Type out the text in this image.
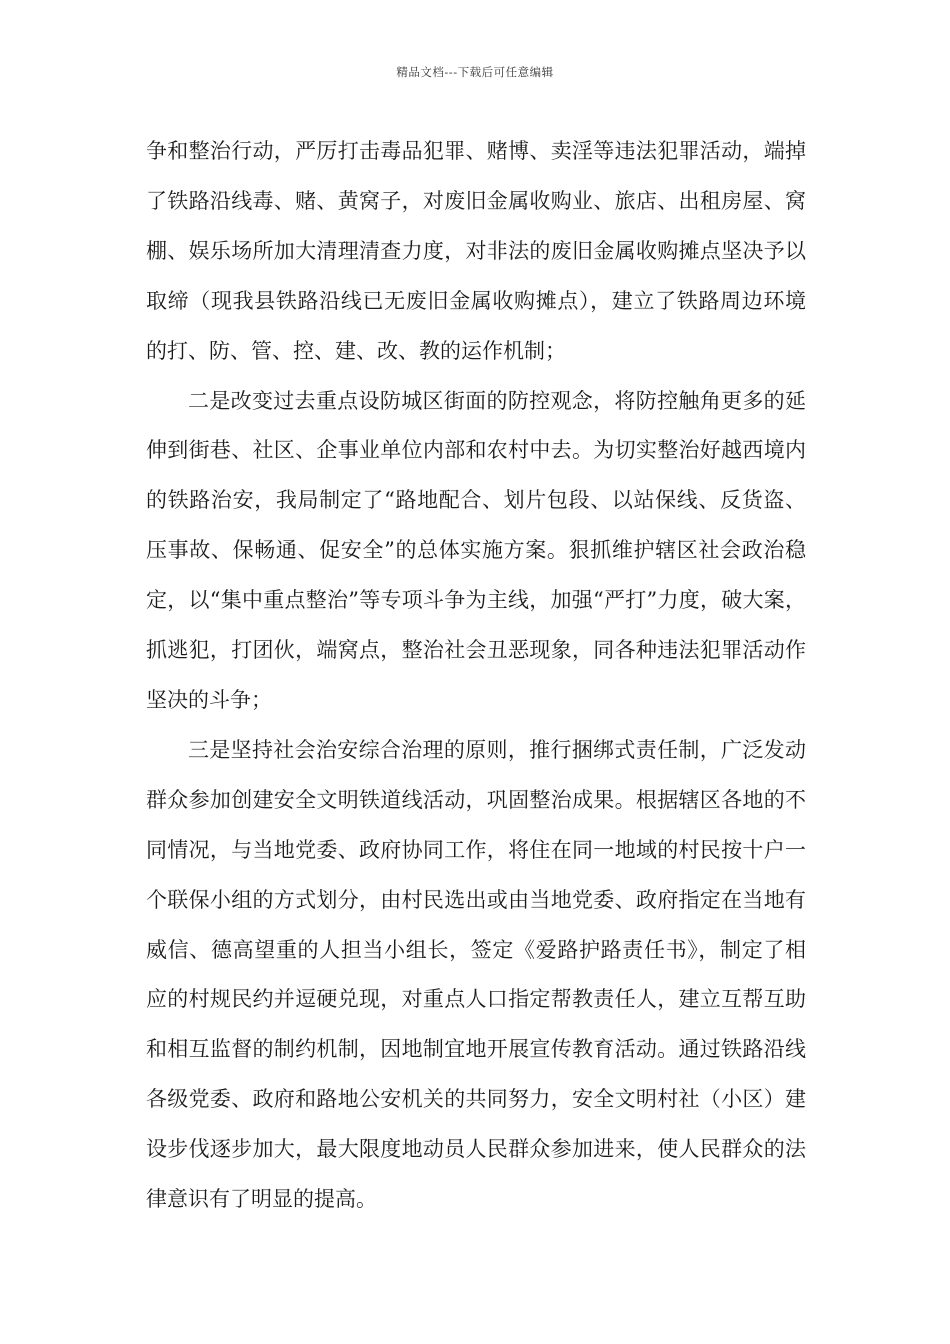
精品文档---下载后可任意编辑

争和整治行动，严厉打击毒品犯罪、赌博、卖淫等违法犯罪活动，端掉了铁路沿线毒、赌、黄窝子，对废旧金属收购业、旅店、出租房屋、窝棚、娱乐场所加大清理清查力度，对非法的废旧金属收购摊点坚决予以取缔（现我县铁路沿线已无废旧金属收购摊点），建立了铁路周边环境的打、防、管、控、建、改、教的运作机制；

二是改变过去重点设防城区街面的防控观念，将防控触角更多的延伸到街巷、社区、企事业单位内部和农村中去。为切实整治好越西境内的铁路治安，我局制定了“路地配合、划片包段、以站保线、反货盗、压事故、保畅通、促安全”的总体实施方案。狠抓维护辖区社会政治稳定，以“集中重点整治”等专项斗争为主线，加强“严打”力度，破大案，抓逃犯，打团伙，端窝点，整治社会丑恶现象，同各种违法犯罪活动作坚决的斗争；

三是坚持社会治安综合治理的原则，推行捆绑式责任制，广泛发动群众参加创建安全文明铁道线活动，巩固整治成果。根据辖区各地的不同情况，与当地党委、政府协同工作，将住在同一地域的村民按十户一个联保小组的方式划分，由村民选出或由当地党委、政府指定在当地有威信、德高望重的人担当小组长，签定《爱路护路责任书》，制定了相应的村规民约并逗硬兑现，对重点人口指定帮教责任人，建立互帮互助和相互监督的制约机制，因地制宜地开展宣传教育活动。通过铁路沿线各级党委、政府和路地公安机关的共同努力，安全文明村社（小区）建设步伐逐步加大，最大限度地动员人民群众参加进来，使人民群众的法律意识有了明显的提高。
